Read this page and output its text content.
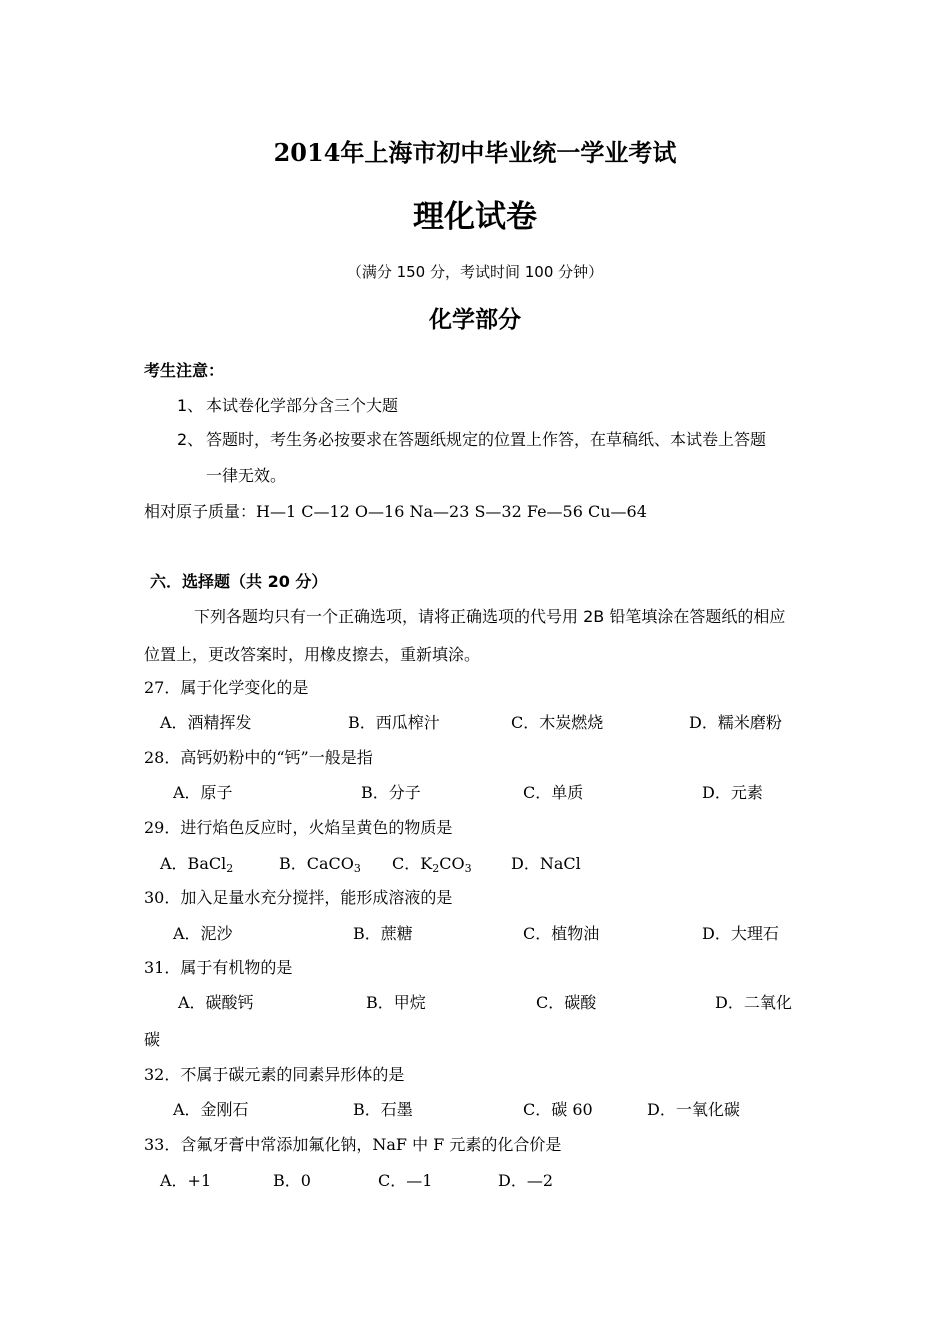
2014年上海市初中毕业统一学业考试
理化试卷
（满分 150 分，考试时间 100 分钟）
化学部分
考生注意：
1、 本试卷化学部分含三个大题
2、 答题时，考生务必按要求在答题纸规定的位置上作答，在草稿纸、本试卷上答题
一律无效。
相对原子质量：H—1 C—12 O—16 Na—23 S—32 Fe—56 Cu—64
六．选择题（共 20 分）
下列各题均只有一个正确选项，请将正确选项的代号用 2B 铅笔填涂在答题纸的相应
位置上，更改答案时，用橡皮擦去，重新填涂。
27．属于化学变化的是
A．酒精挥发	B．西瓜榨汁	C．木炭燃烧	D．糯米磨粉
28．高钙奶粉中的“钙”一般是指
A．原子	B．分子	C．单质	D．元素
29．进行焰色反应时，火焰呈黄色的物质是
A．BaCl$_2$	B．CaCO$_3$ C．$K_2CO_3$ D．NaCl
30．加入足量水充分搅拌，能形成溶液的是
A．泥沙	B．蔗糖	C．植物油	D．大理石
31．属于有机物的是
A．碳酸钙	B．甲烷	C．碳酸	D．二氧化
碳
32．不属于碳元素的同素异形体的是
A．金刚石	B．石墨	C．碳 60	D．一氧化碳
33．含氟牙膏中常添加氟化钠，NaF 中 F 元素的化合价是
A．+1	B．0	C．—1	D．—2
